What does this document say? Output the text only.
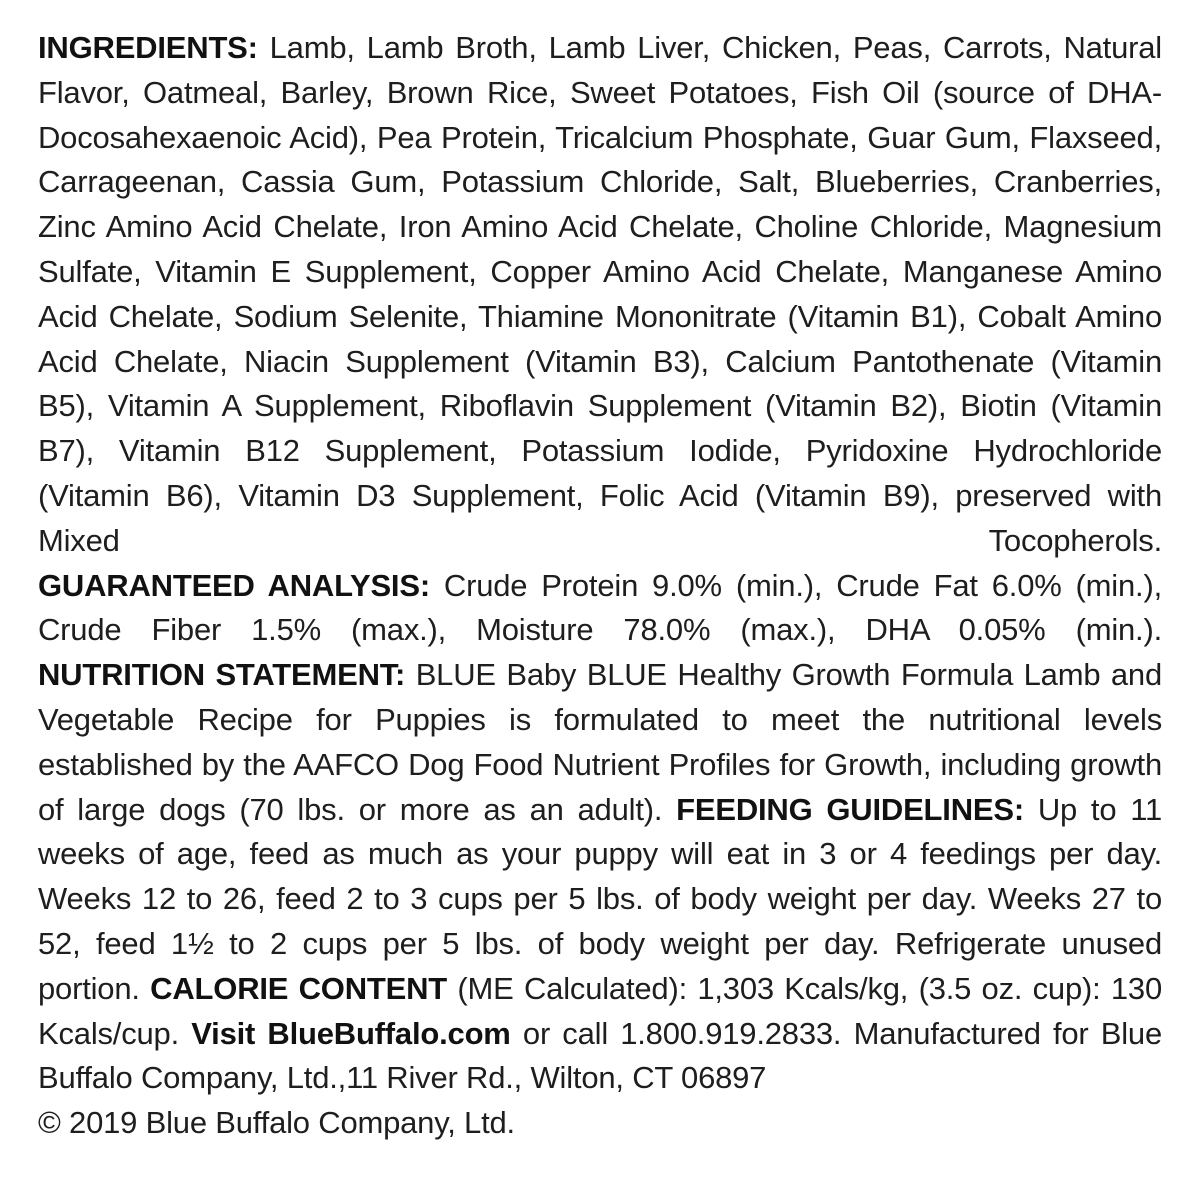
INGREDIENTS: Lamb, Lamb Broth, Lamb Liver, Chicken, Peas, Carrots, Natural Flavor, Oatmeal, Barley, Brown Rice, Sweet Potatoes, Fish Oil (source of DHA-Docosahexaenoic Acid), Pea Protein, Tricalcium Phosphate, Guar Gum, Flaxseed, Carrageenan, Cassia Gum, Potassium Chloride, Salt, Blueberries, Cranberries, Zinc Amino Acid Chelate, Iron Amino Acid Chelate, Choline Chloride, Magnesium Sulfate, Vitamin E Supplement, Copper Amino Acid Chelate, Manganese Amino Acid Chelate, Sodium Selenite, Thiamine Mononitrate (Vitamin B1), Cobalt Amino Acid Chelate, Niacin Supplement (Vitamin B3), Calcium Pantothenate (Vitamin B5), Vitamin A Supplement, Riboflavin Supplement (Vitamin B2), Biotin (Vitamin B7), Vitamin B12 Supplement, Potassium Iodide, Pyridoxine Hydrochloride (Vitamin B6), Vitamin D3 Supplement, Folic Acid (Vitamin B9), preserved with Mixed Tocopherols.

GUARANTEED ANALYSIS: Crude Protein 9.0% (min.), Crude Fat 6.0% (min.), Crude Fiber 1.5% (max.), Moisture 78.0% (max.), DHA 0.05% (min.).

NUTRITION STATEMENT: BLUE Baby BLUE Healthy Growth Formula Lamb and Vegetable Recipe for Puppies is formulated to meet the nutritional levels established by the AAFCO Dog Food Nutrient Profiles for Growth, including growth of large dogs (70 lbs. or more as an adult). FEEDING GUIDELINES: Up to 11 weeks of age, feed as much as your puppy will eat in 3 or 4 feedings per day. Weeks 12 to 26, feed 2 to 3 cups per 5 lbs. of body weight per day. Weeks 27 to 52, feed 1½ to 2 cups per 5 lbs. of body weight per day. Refrigerate unused portion. CALORIE CONTENT (ME Calculated): 1,303 Kcals/kg, (3.5 oz. cup): 130 Kcals/cup. Visit BlueBuffalo.com or call 1.800.919.2833. Manufactured for Blue Buffalo Company, Ltd.,11 River Rd., Wilton, CT 06897

© 2019 Blue Buffalo Company, Ltd.
